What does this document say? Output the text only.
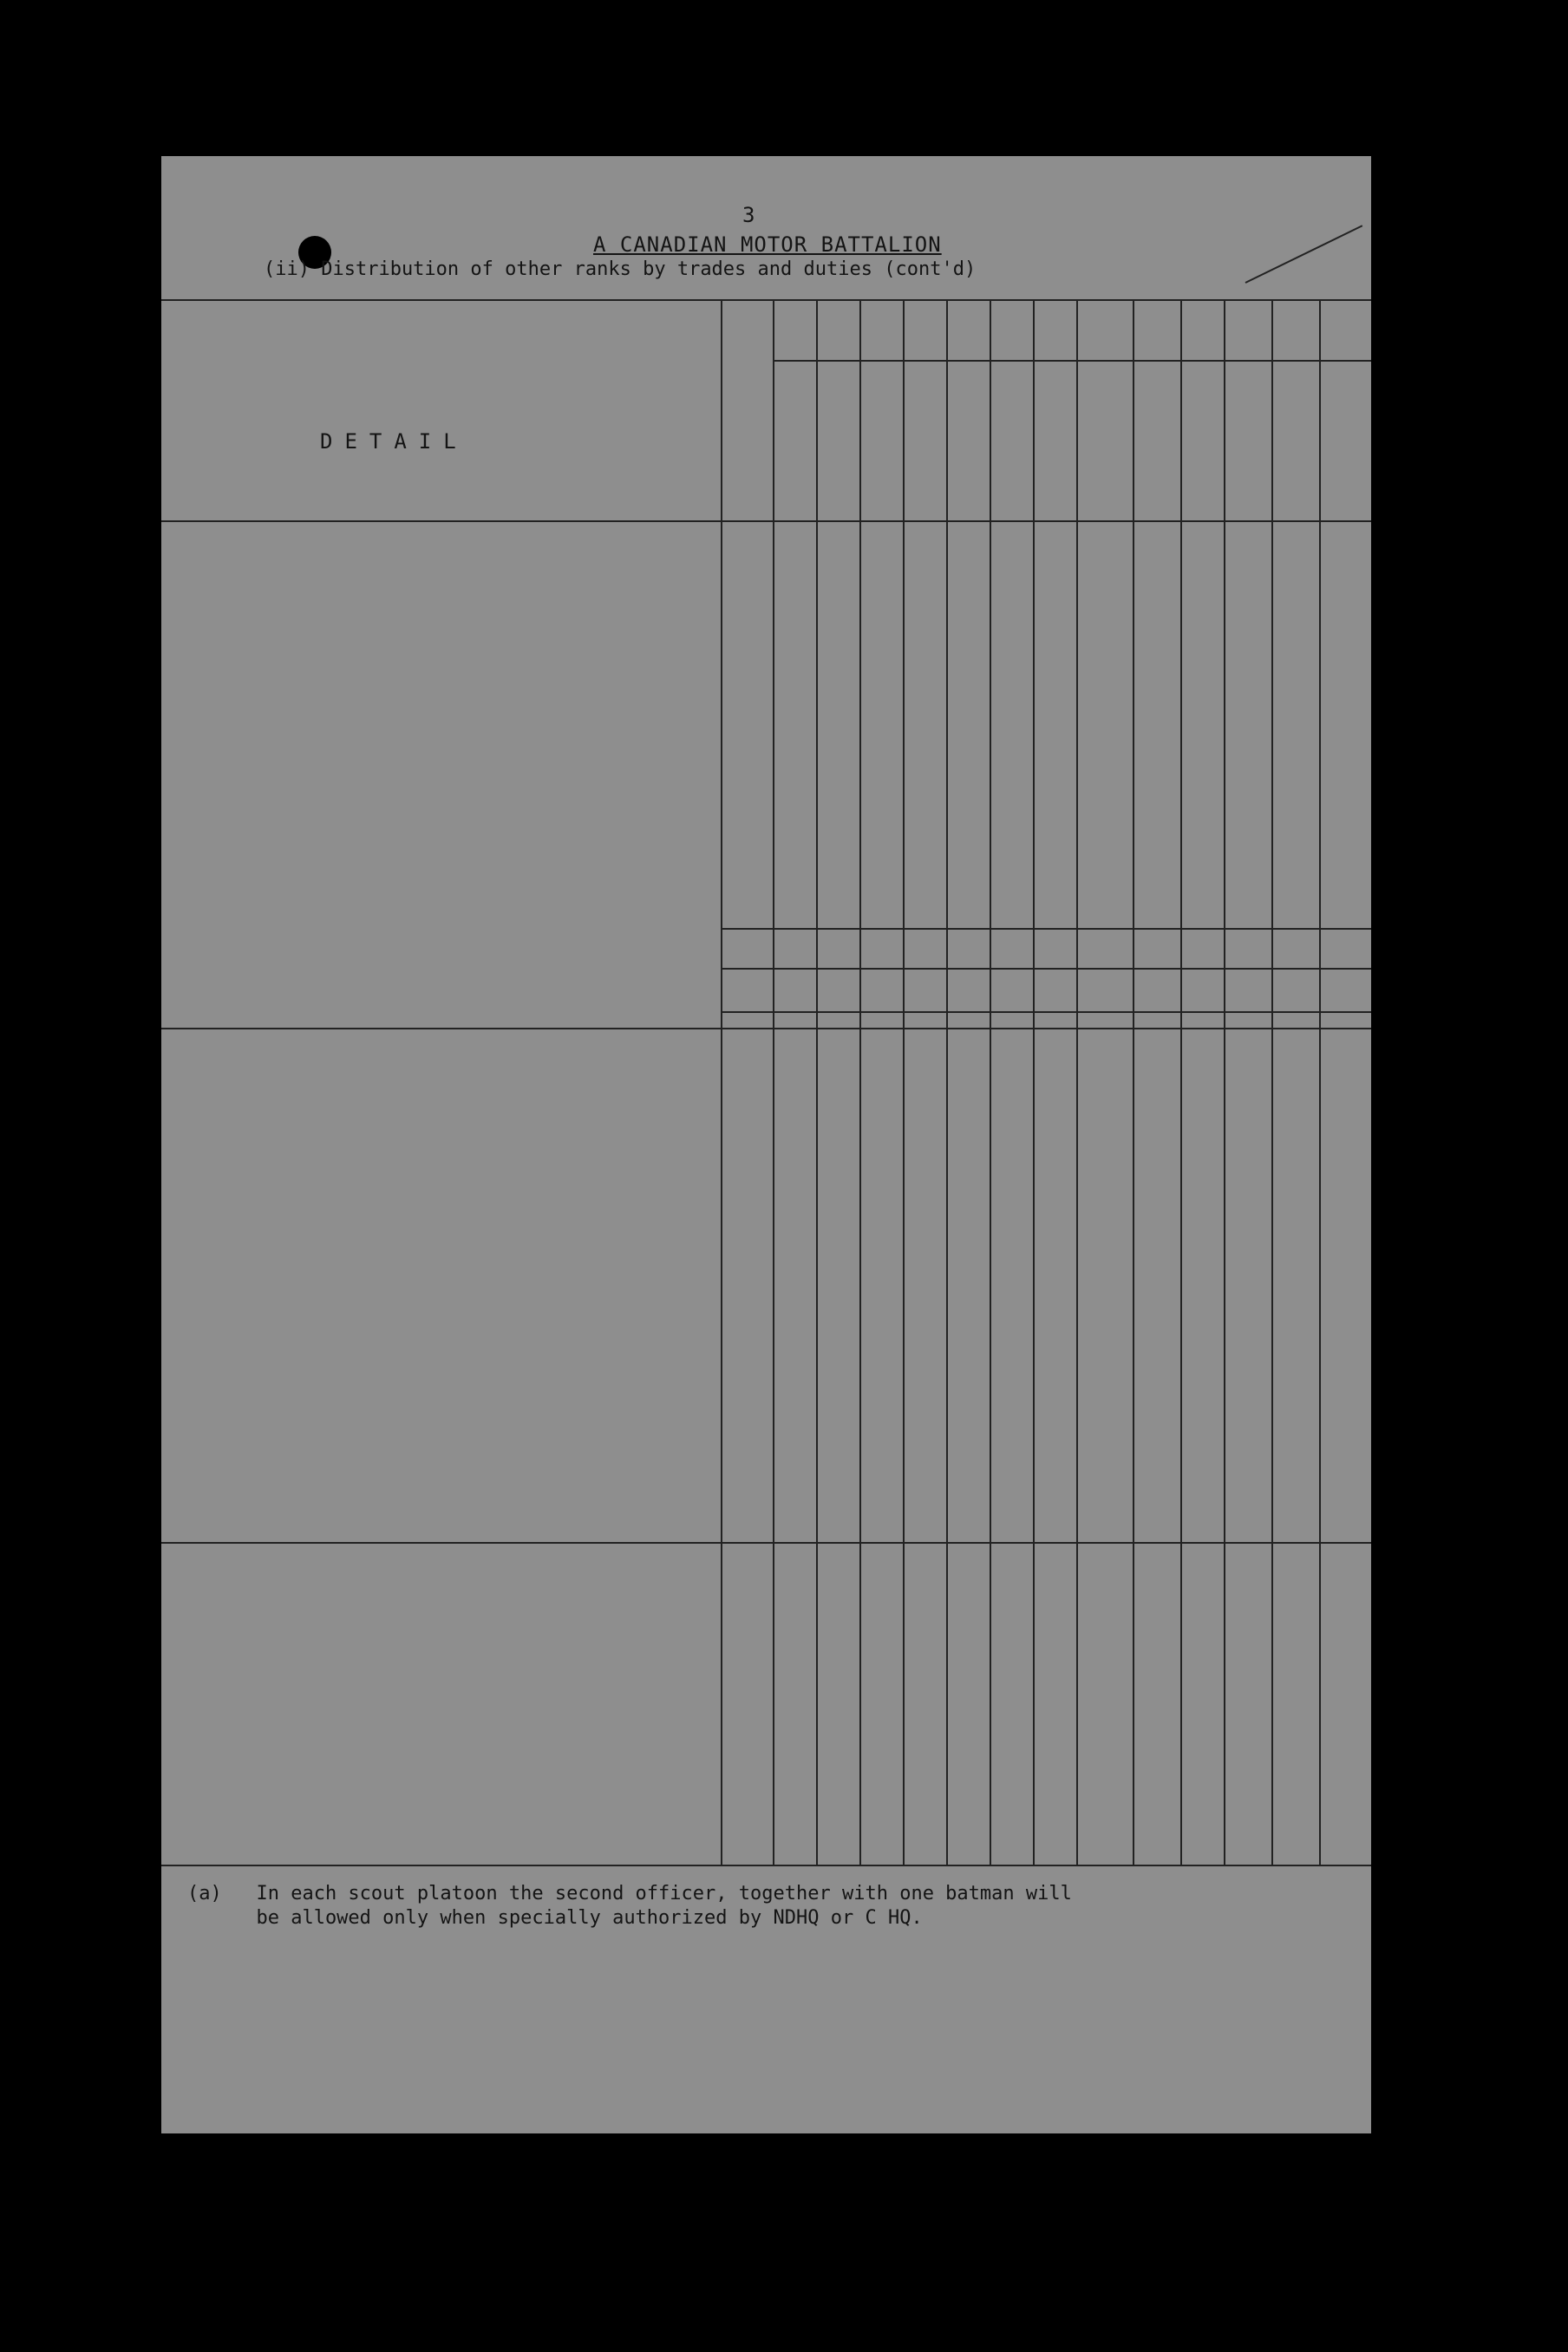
3
A CANADIAN MOTOR BATTALION
(ii) Distribution of other ranks by trades and duties (cont'd)
DETAIL
(a)   In each scout platoon the second officer, together with one batman will
be allowed only when specially authorized by NDHQ or C HQ.
